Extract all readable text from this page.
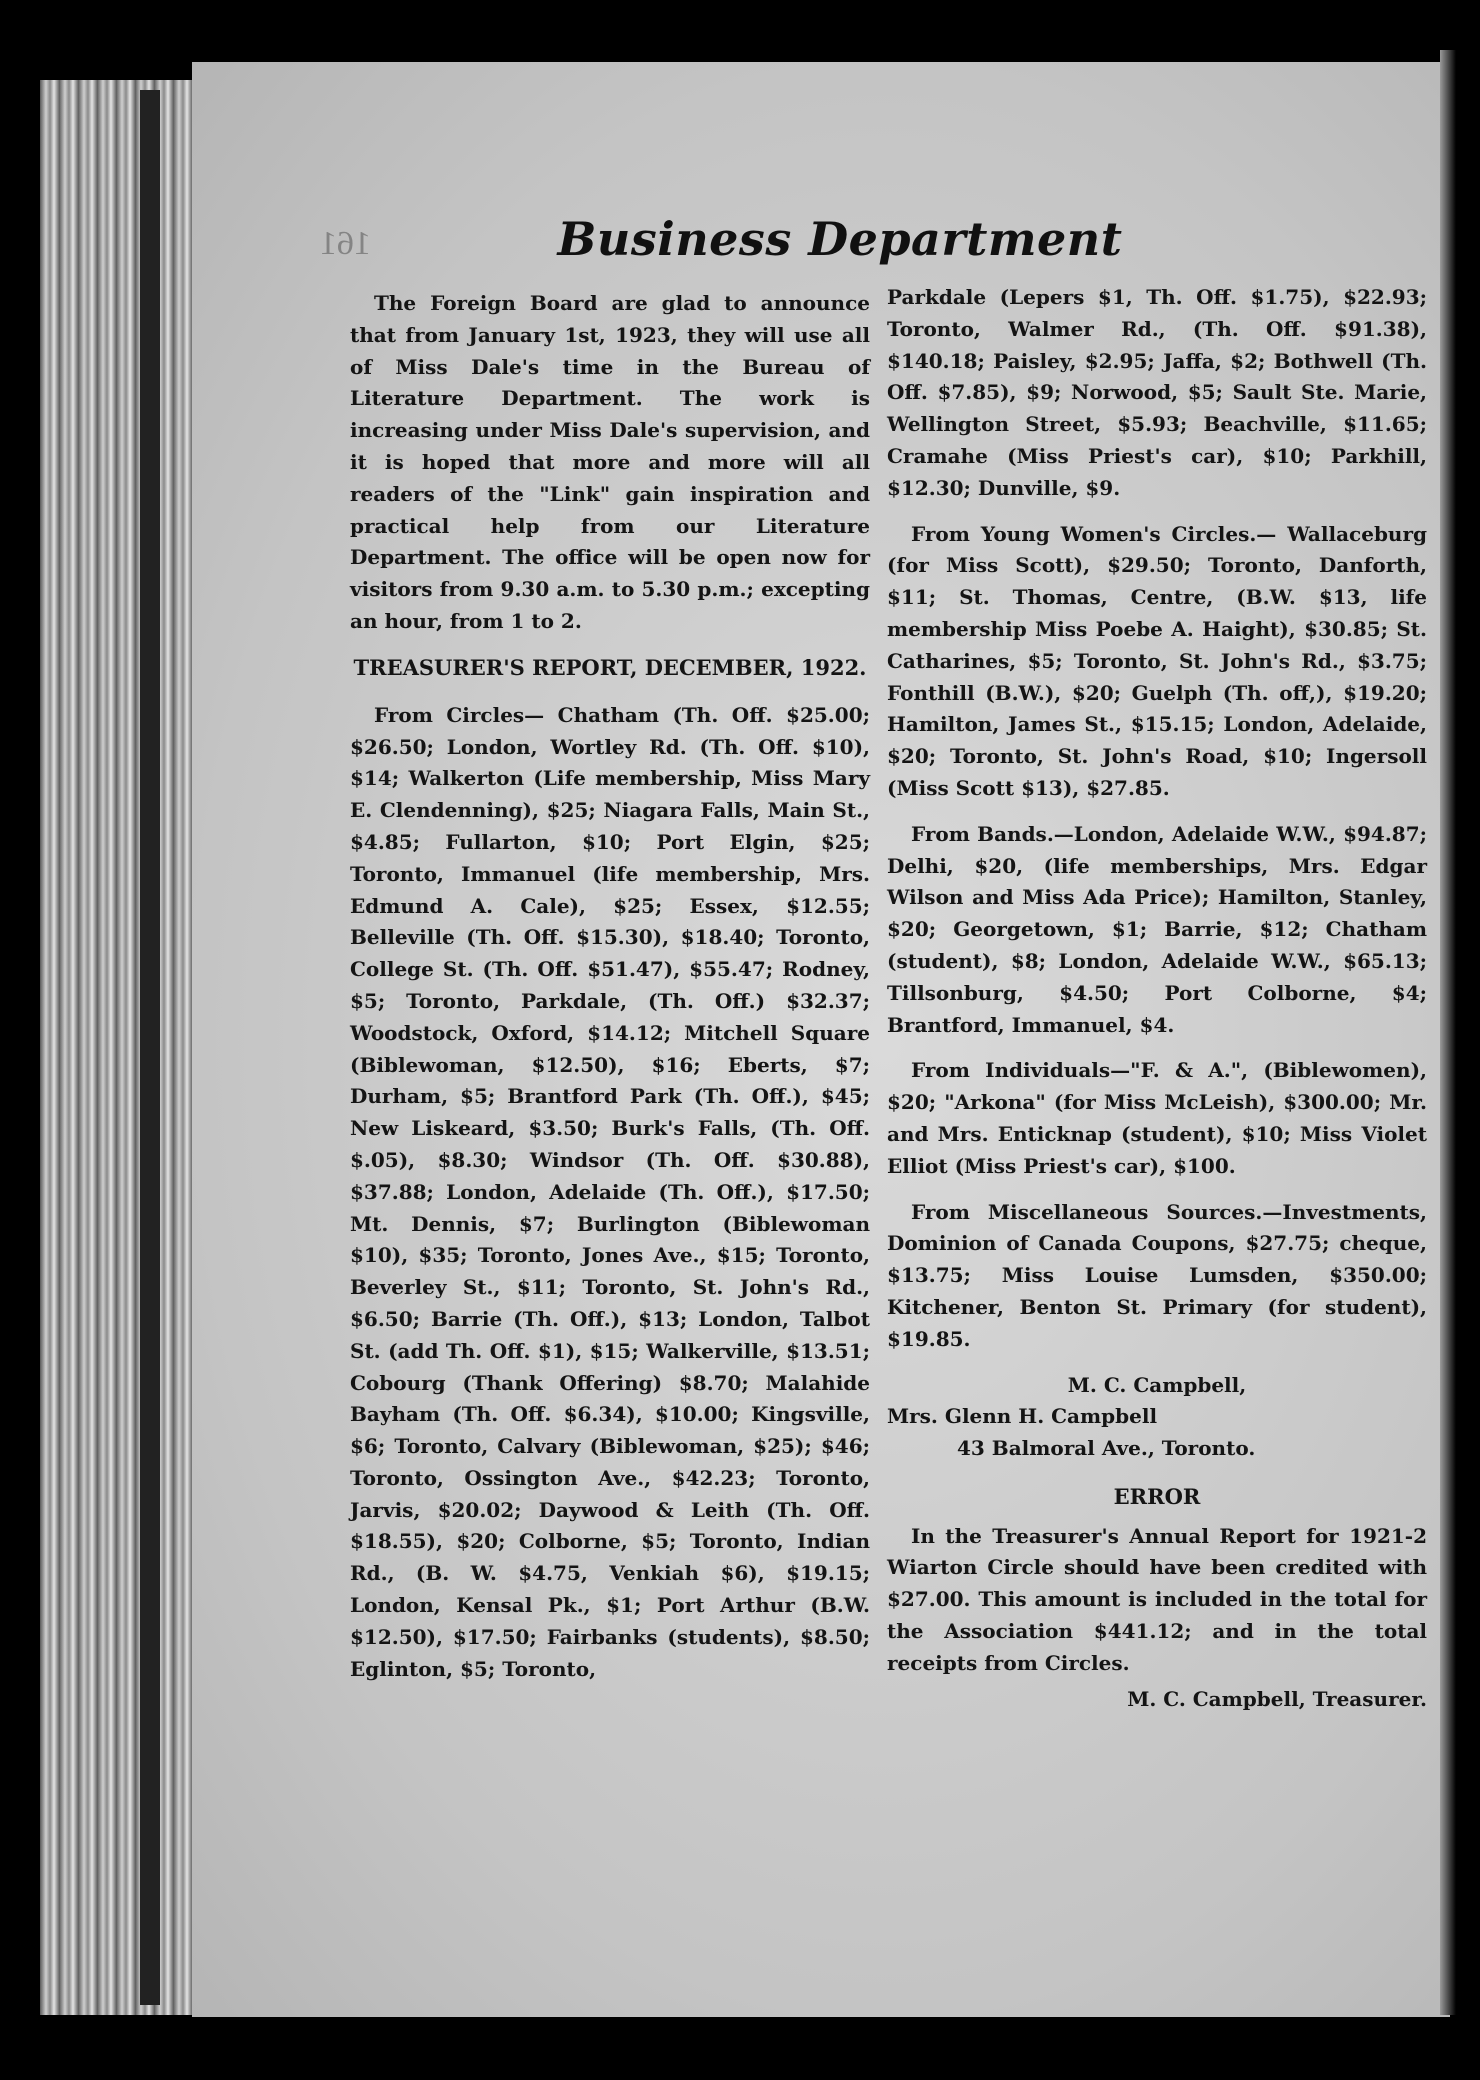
161	Business Department

The Foreign Board are glad to announce that from January 1st, 1923, they will use all of Miss Dale's time in the Bureau of Literature Department. The work is increasing under Miss Dale's supervision, and it is hoped that more and more will all readers of the "Link" gain inspiration and practical help from our Literature Department. The office will be open now for visitors from 9.30 a.m. to 5.30 p.m.; excepting an hour, from 1 to 2.

TREASURER'S REPORT, DECEMBER, 1922.

From Circles— Chatham (Th. Off. $25.00; $26.50; London, Wortley Rd. (Th. Off. $10), $14; Walkerton (Life membership, Miss Mary E. Clendenning), $25; Niagara Falls, Main St., $4.85; Fullarton, $10; Port Elgin, $25; Toronto, Immanuel (life membership, Mrs. Edmund A. Cale), $25; Essex, $12.55; Belleville (Th. Off. $15.30), $18.40; Toronto, College St. (Th. Off. $51.47), $55.47; Rodney, $5; Toronto, Parkdale, (Th. Off.) $32.37; Woodstock, Oxford, $14.12; Mitchell Square (Biblewoman, $12.50), $16; Eberts, $7; Durham, $5; Brantford Park (Th. Off.), $45; New Liskeard, $3.50; Burk's Falls, (Th. Off. $.05), $8.30; Windsor (Th. Off. $30.88), $37.88; London, Adelaide (Th. Off.), $17.50; Mt. Dennis, $7; Burlington (Biblewoman $10), $35; Toronto, Jones Ave., $15; Toronto, Beverley St., $11; Toronto, St. John's Rd., $6.50; Barrie (Th. Off.), $13; London, Talbot St. (add Th. Off. $1), $15; Walkerville, $13.51; Cobourg (Thank Offering) $8.70; Malahide Bayham (Th. Off. $6.34), $10.00; Kingsville, $6; Toronto, Calvary (Biblewoman, $25); $46; Toronto, Ossington Ave., $42.23; Toronto, Jarvis, $20.02; Daywood & Leith (Th. Off. $18.55), $20; Colborne, $5; Toronto, Indian Rd., (B. W. $4.75, Venkiah $6), $19.15; London, Kensal Pk., $1; Port Arthur (B.W. $12.50), $17.50; Fairbanks (students), $8.50; Eglinton, $5; Toronto,

Parkdale (Lepers $1, Th. Off. $1.75), $22.93; Toronto, Walmer Rd., (Th. Off. $91.38), $140.18; Paisley, $2.95; Jaffa, $2; Bothwell (Th. Off. $7.85), $9; Norwood, $5; Sault Ste. Marie, Wellington Street, $5.93; Beachville, $11.65; Cramahe (Miss Priest's car), $10; Parkhill, $12.30; Dunville, $9.

From Young Women's Circles.— Wallaceburg (for Miss Scott), $29.50; Toronto, Danforth, $11; St. Thomas, Centre, (B.W. $13, life membership Miss Poebe A. Haight), $30.85; St. Catharines, $5; Toronto, St. John's Rd., $3.75; Fonthill (B.W.), $20; Guelph (Th. off,), $19.20; Hamilton, James St., $15.15; London, Adelaide, $20; Toronto, St. John's Road, $10; Ingersoll (Miss Scott $13), $27.85.

From Bands.—London, Adelaide W.W., $94.87; Delhi, $20, (life memberships, Mrs. Edgar Wilson and Miss Ada Price); Hamilton, Stanley, $20; Georgetown, $1; Barrie, $12; Chatham (student), $8; London, Adelaide W.W., $65.13; Tillsonburg, $4.50; Port Colborne, $4; Brantford, Immanuel, $4.

From Individuals—"F. & A.", (Biblewomen), $20; "Arkona" (for Miss McLeish), $300.00; Mr. and Mrs. Enticknap (student), $10; Miss Violet Elliot (Miss Priest's car), $100.

From Miscellaneous Sources.—Investments, Dominion of Canada Coupons, $27.75; cheque, $13.75; Miss Louise Lumsden, $350.00; Kitchener, Benton St. Primary (for student), $19.85.

M. C. Campbell,
Mrs. Glenn H. Campbell
43 Balmoral Ave., Toronto.
ERROR

In the Treasurer's Annual Report for 1921-2 Wiarton Circle should have been credited with $27.00. This amount is included in the total for the Association $441.12; and in the total receipts from Circles.

M. C. Campbell, Treasurer.
